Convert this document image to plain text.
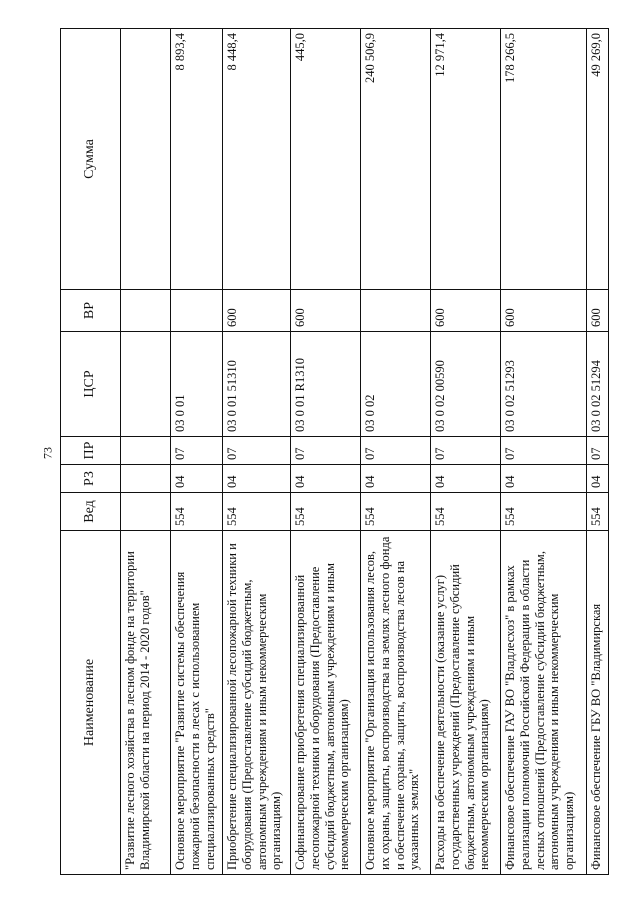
73
Наименование	Вед	РЗ	ПР	ЦСР	ВР	Сумма
"Развитие лесного хозяйства в лесном фонде на территории Владимирской области на период 2014 - 2020 годов"						
Основное мероприятие "Развитие системы обеспечения пожарной безопасности в лесах с использованием специализированных средств"	554	04	07	03 0 01		8 893,4
Приобретение специализированной лесопожарной техники и оборудования (Предоставление субсидий бюджетным, автономным учреждениям и иным некоммерческим организациям)	554	04	07	03 0 01 51310	600	8 448,4
Софинансирование приобретения специализированной лесопожарной техники и оборудования (Предоставление субсидий бюджетным, автономным учреждениям и иным некоммерческим организациям)	554	04	07	03 0 01 R1310	600	445,0
Основное мероприятие "Организация использования лесов, их охраны, защиты, воспроизводства на землях лесного фонда и обеспечение охраны, защиты, воспроизводства лесов на указанных землях"	554	04	07	03 0 02		240 506,9
Расходы на обеспечение деятельности (оказание услуг) государственных учреждений (Предоставление субсидий бюджетным, автономным учреждениям и иным некоммерческим организациям)	554	04	07	03 0 02 00590	600	12 971,4
Финансовое обеспечение ГАУ ВО "Владлесхоз" в рамках реализации полномочий Российской Федерации в области лесных отношений (Предоставление субсидий бюджетным, автономным учреждениям и иным некоммерческим организациям)	554	04	07	03 0 02 51293	600	178 266,5
Финансовое обеспечение ГБУ ВО "Владимирская	554	04	07	03 0 02 51294	600	49 269,0
